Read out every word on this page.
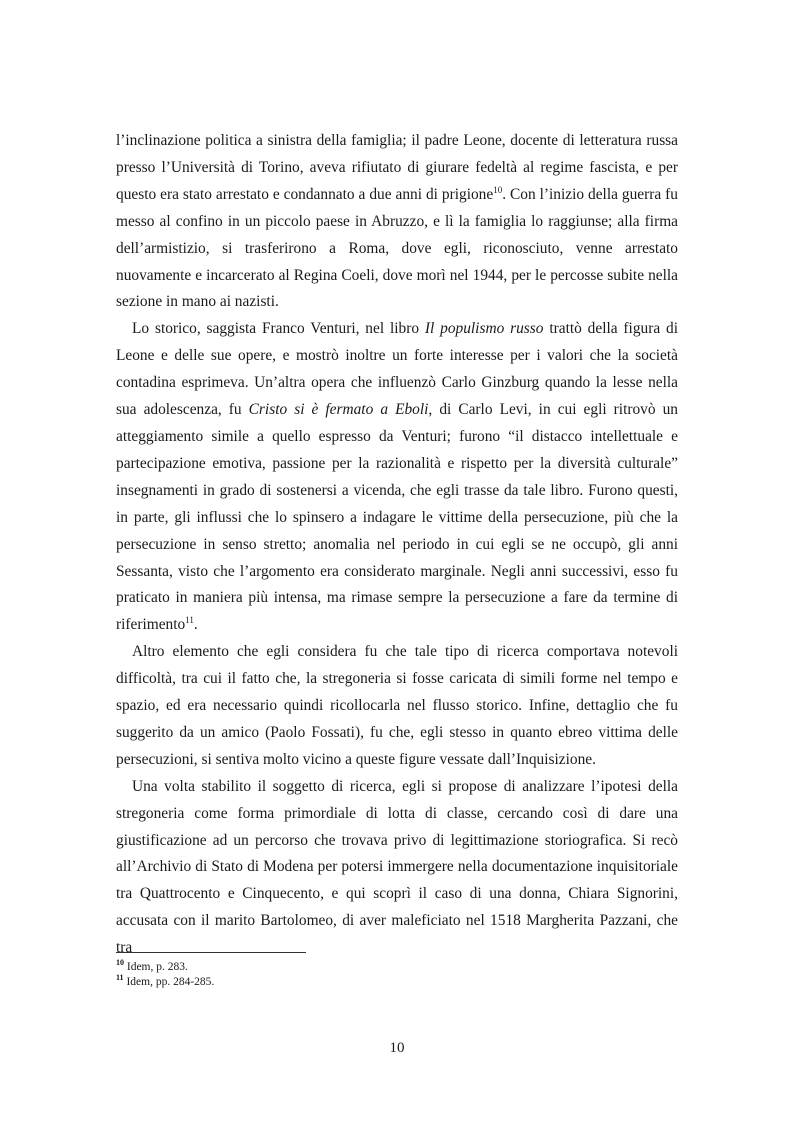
l’inclinazione politica a sinistra della famiglia; il padre Leone, docente di letteratura russa presso l’Università di Torino, aveva rifiutato di giurare fedeltà al regime fascista, e per questo era stato arrestato e condannato a due anni di prigione$^{10}$. Con l’inizio della guerra fu messo al confino in un piccolo paese in Abruzzo, e lì la famiglia lo raggiunse; alla firma dell’armistizio, si trasferirono a Roma, dove egli, riconosciuto, venne arrestato nuovamente e incarcerato al Regina Coeli, dove morì nel 1944, per le percosse subite nella sezione in mano ai nazisti.

Lo storico, saggista Franco Venturi, nel libro Il populismo russo trattò della figura di Leone e delle sue opere, e mostrò inoltre un forte interesse per i valori che la società contadina esprimeva. Un’altra opera che influenzò Carlo Ginzburg quando la lesse nella sua adolescenza, fu Cristo si è fermato a Eboli, di Carlo Levi, in cui egli ritrovò un atteggiamento simile a quello espresso da Venturi; furono “il distacco intellettuale e partecipazione emotiva, passione per la razionalità e rispetto per la diversità culturale” insegnamenti in grado di sostenersi a vicenda, che egli trasse da tale libro. Furono questi, in parte, gli influssi che lo spinsero a indagare le vittime della persecuzione, più che la persecuzione in senso stretto; anomalia nel periodo in cui egli se ne occupò, gli anni Sessanta, visto che l’argomento era considerato marginale. Negli anni successivi, esso fu praticato in maniera più intensa, ma rimase sempre la persecuzione a fare da termine di riferimento$^{11}$.

Altro elemento che egli considera fu che tale tipo di ricerca comportava notevoli difficoltà, tra cui il fatto che, la stregoneria si fosse caricata di simili forme nel tempo e spazio, ed era necessario quindi ricollocarla nel flusso storico. Infine, dettaglio che fu suggerito da un amico (Paolo Fossati), fu che, egli stesso in quanto ebreo vittima delle persecuzioni, si sentiva molto vicino a queste figure vessate dall’Inquisizione.

Una volta stabilito il soggetto di ricerca, egli si propose di analizzare l’ipotesi della stregoneria come forma primordiale di lotta di classe, cercando così di dare una giustificazione ad un percorso che trovava privo di legittimazione storiografica. Si recò all’Archivio di Stato di Modena per potersi immergere nella documentazione inquisitoriale tra Quattrocento e Cinquecento, e qui scoprì il caso di una donna, Chiara Signorini, accusata con il marito Bartolomeo, di aver maleficiato nel 1518 Margherita Pazzani, che tra

$^{10}$ Idem, p. 283.

$^{11}$ Idem, pp. 284-285.

10
